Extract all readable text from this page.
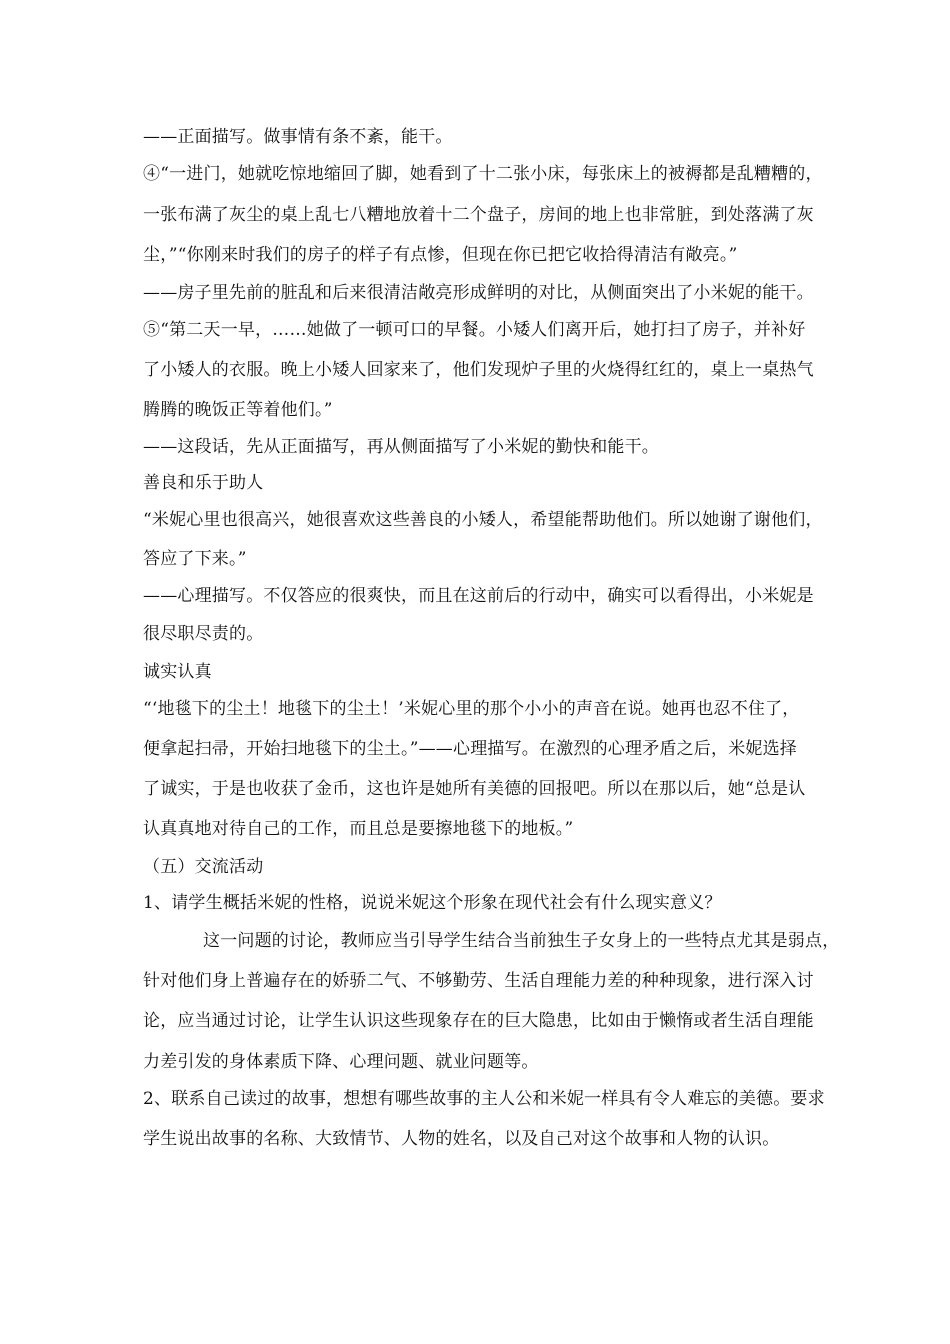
——正面描写。做事情有条不紊，能干。
④“一进门，她就吃惊地缩回了脚，她看到了十二张小床，每张床上的被褥都是乱糟糟的，
一张布满了灰尘的桌上乱七八糟地放着十二个盘子，房间的地上也非常脏，到处落满了灰
尘，”“你刚来时我们的房子的样子有点惨，但现在你已把它收拾得清洁有敞亮。”
——房子里先前的脏乱和后来很清洁敞亮形成鲜明的对比，从侧面突出了小米妮的能干。
⑤“第二天一早，……她做了一顿可口的早餐。小矮人们离开后，她打扫了房子，并补好
了小矮人的衣服。晚上小矮人回家来了，他们发现炉子里的火烧得红红的，桌上一桌热气
腾腾的晚饭正等着他们。”
——这段话，先从正面描写，再从侧面描写了小米妮的勤快和能干。
善良和乐于助人
“米妮心里也很高兴，她很喜欢这些善良的小矮人，希望能帮助他们。所以她谢了谢他们，
答应了下来。”
——心理描写。不仅答应的很爽快，而且在这前后的行动中，确实可以看得出，小米妮是
很尽职尽责的。
诚实认真
“‘地毯下的尘土！地毯下的尘土！’米妮心里的那个小小的声音在说。她再也忍不住了，
便拿起扫帚，开始扫地毯下的尘土。”——心理描写。在激烈的心理矛盾之后，米妮选择
了诚实，于是也收获了金币，这也许是她所有美德的回报吧。所以在那以后，她“总是认
认真真地对待自己的工作，而且总是要擦地毯下的地板。”
（五）交流活动
1、请学生概括米妮的性格，说说米妮这个形象在现代社会有什么现实意义？
这一问题的讨论，教师应当引导学生结合当前独生子女身上的一些特点尤其是弱点，
针对他们身上普遍存在的娇骄二气、不够勤劳、生活自理能力差的种种现象，进行深入讨
论，应当通过讨论，让学生认识这些现象存在的巨大隐患，比如由于懒惰或者生活自理能
力差引发的身体素质下降、心理问题、就业问题等。
2、联系自己读过的故事，想想有哪些故事的主人公和米妮一样具有令人难忘的美德。要求
学生说出故事的名称、大致情节、人物的姓名，以及自己对这个故事和人物的认识。
